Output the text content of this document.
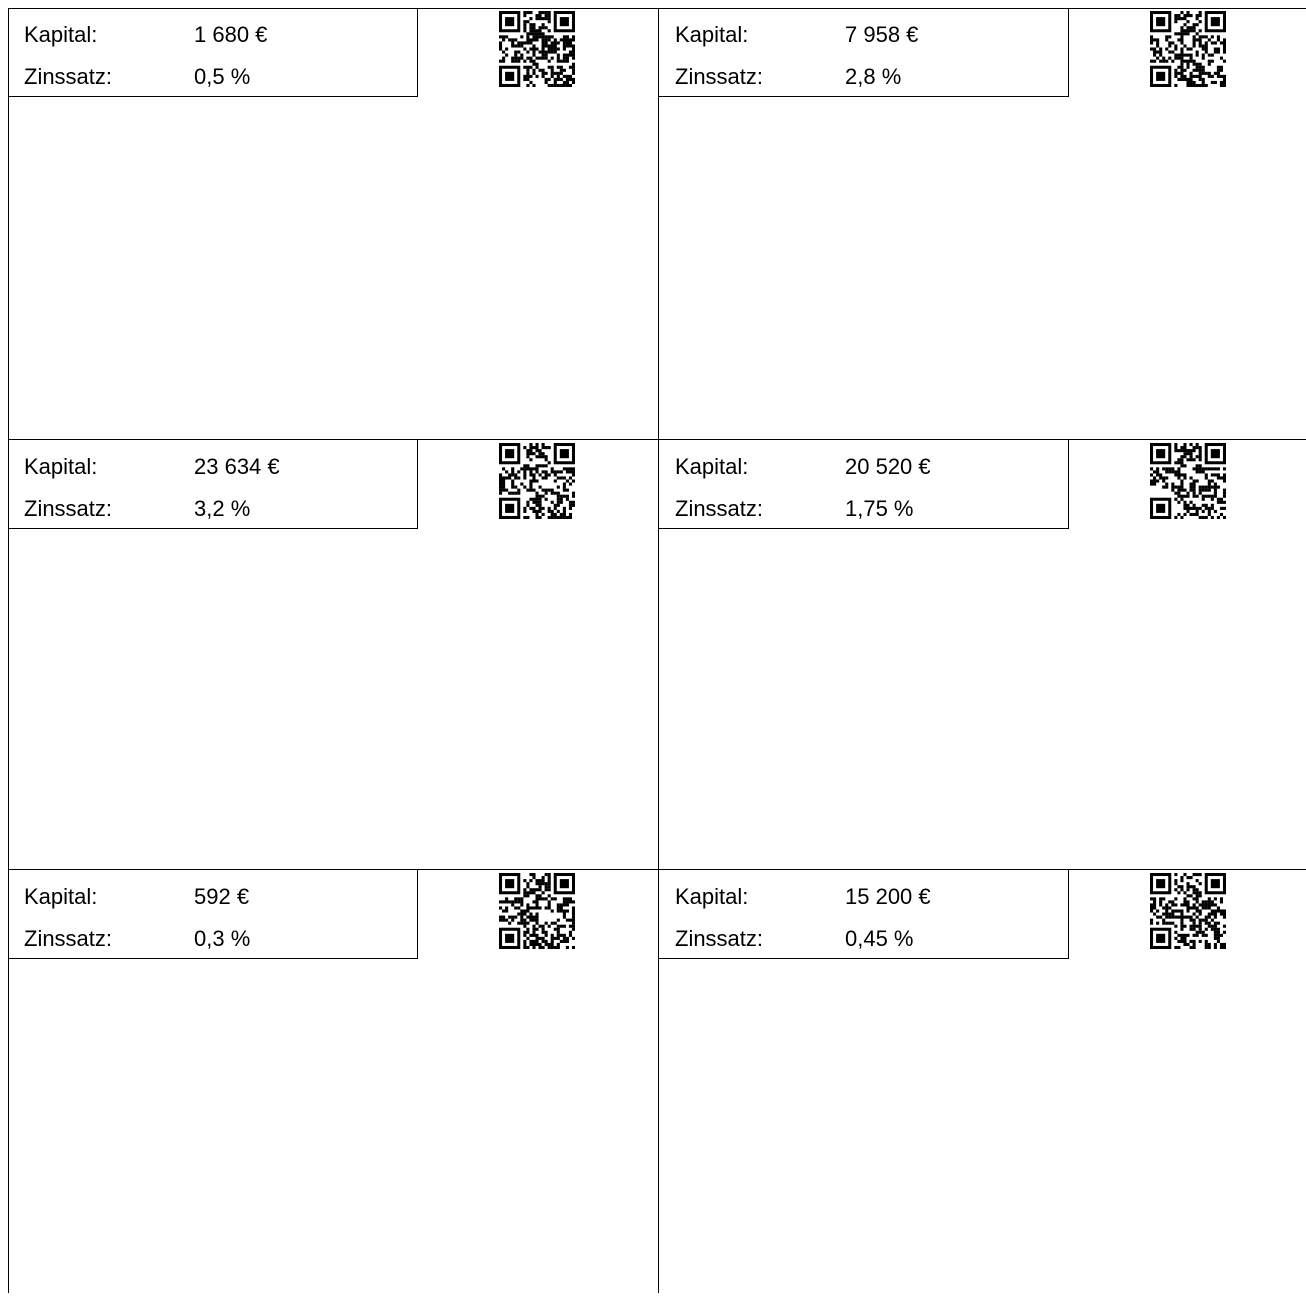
Kapital:	1 680 €
Zinssatz:	0,5 %
Kapital:	7 958 €
Zinssatz:	2,8 %
Kapital:	23 634 €
Zinssatz:	3,2 %
Kapital:	20 520 €
Zinssatz:	1,75 %
Kapital:	592 €
Zinssatz:	0,3 %
Kapital:	15 200 €
Zinssatz:	0,45 %
